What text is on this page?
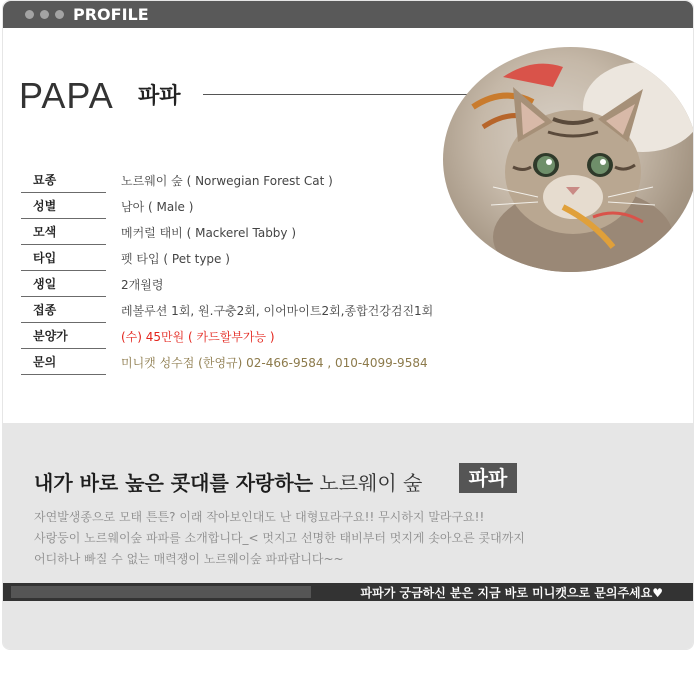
PROFILE
PAPA 파파
묘종	노르웨이 숲 ( Norwegian Forest Cat )
성별	남아 ( Male )
모색	메커럴 태비 ( Mackerel Tabby )
타입	펫 타입 ( Pet type )
생일	2개월령
접종	레볼루션 1회, 원.구충2회, 이어마이트2회,종합건강검진1회
분양가	(수) 45만원 ( 카드할부가능 )
문의	미니캣 성수점 (한영규) 02-466-9584 , 010-4099-9584
내가 바로 높은 콧대를 자랑하는 노르웨이 숲	파파
자연발생종으로 모태 튼튼? 이래 작아보인대도 난 대형묘라구요!! 무시하지 말라구요!!
사랑둥이 노르웨이숲 파파를 소개합니다_< 멋지고 선명한 태비부터 멋지게 솟아오른 콧대까지
어디하나 빠질 수 없는 매력쟁이 노르웨이숲 파파랍니다~~
파파가 궁금하신 분은 지금 바로 미니캣으로 문의주세요♥
